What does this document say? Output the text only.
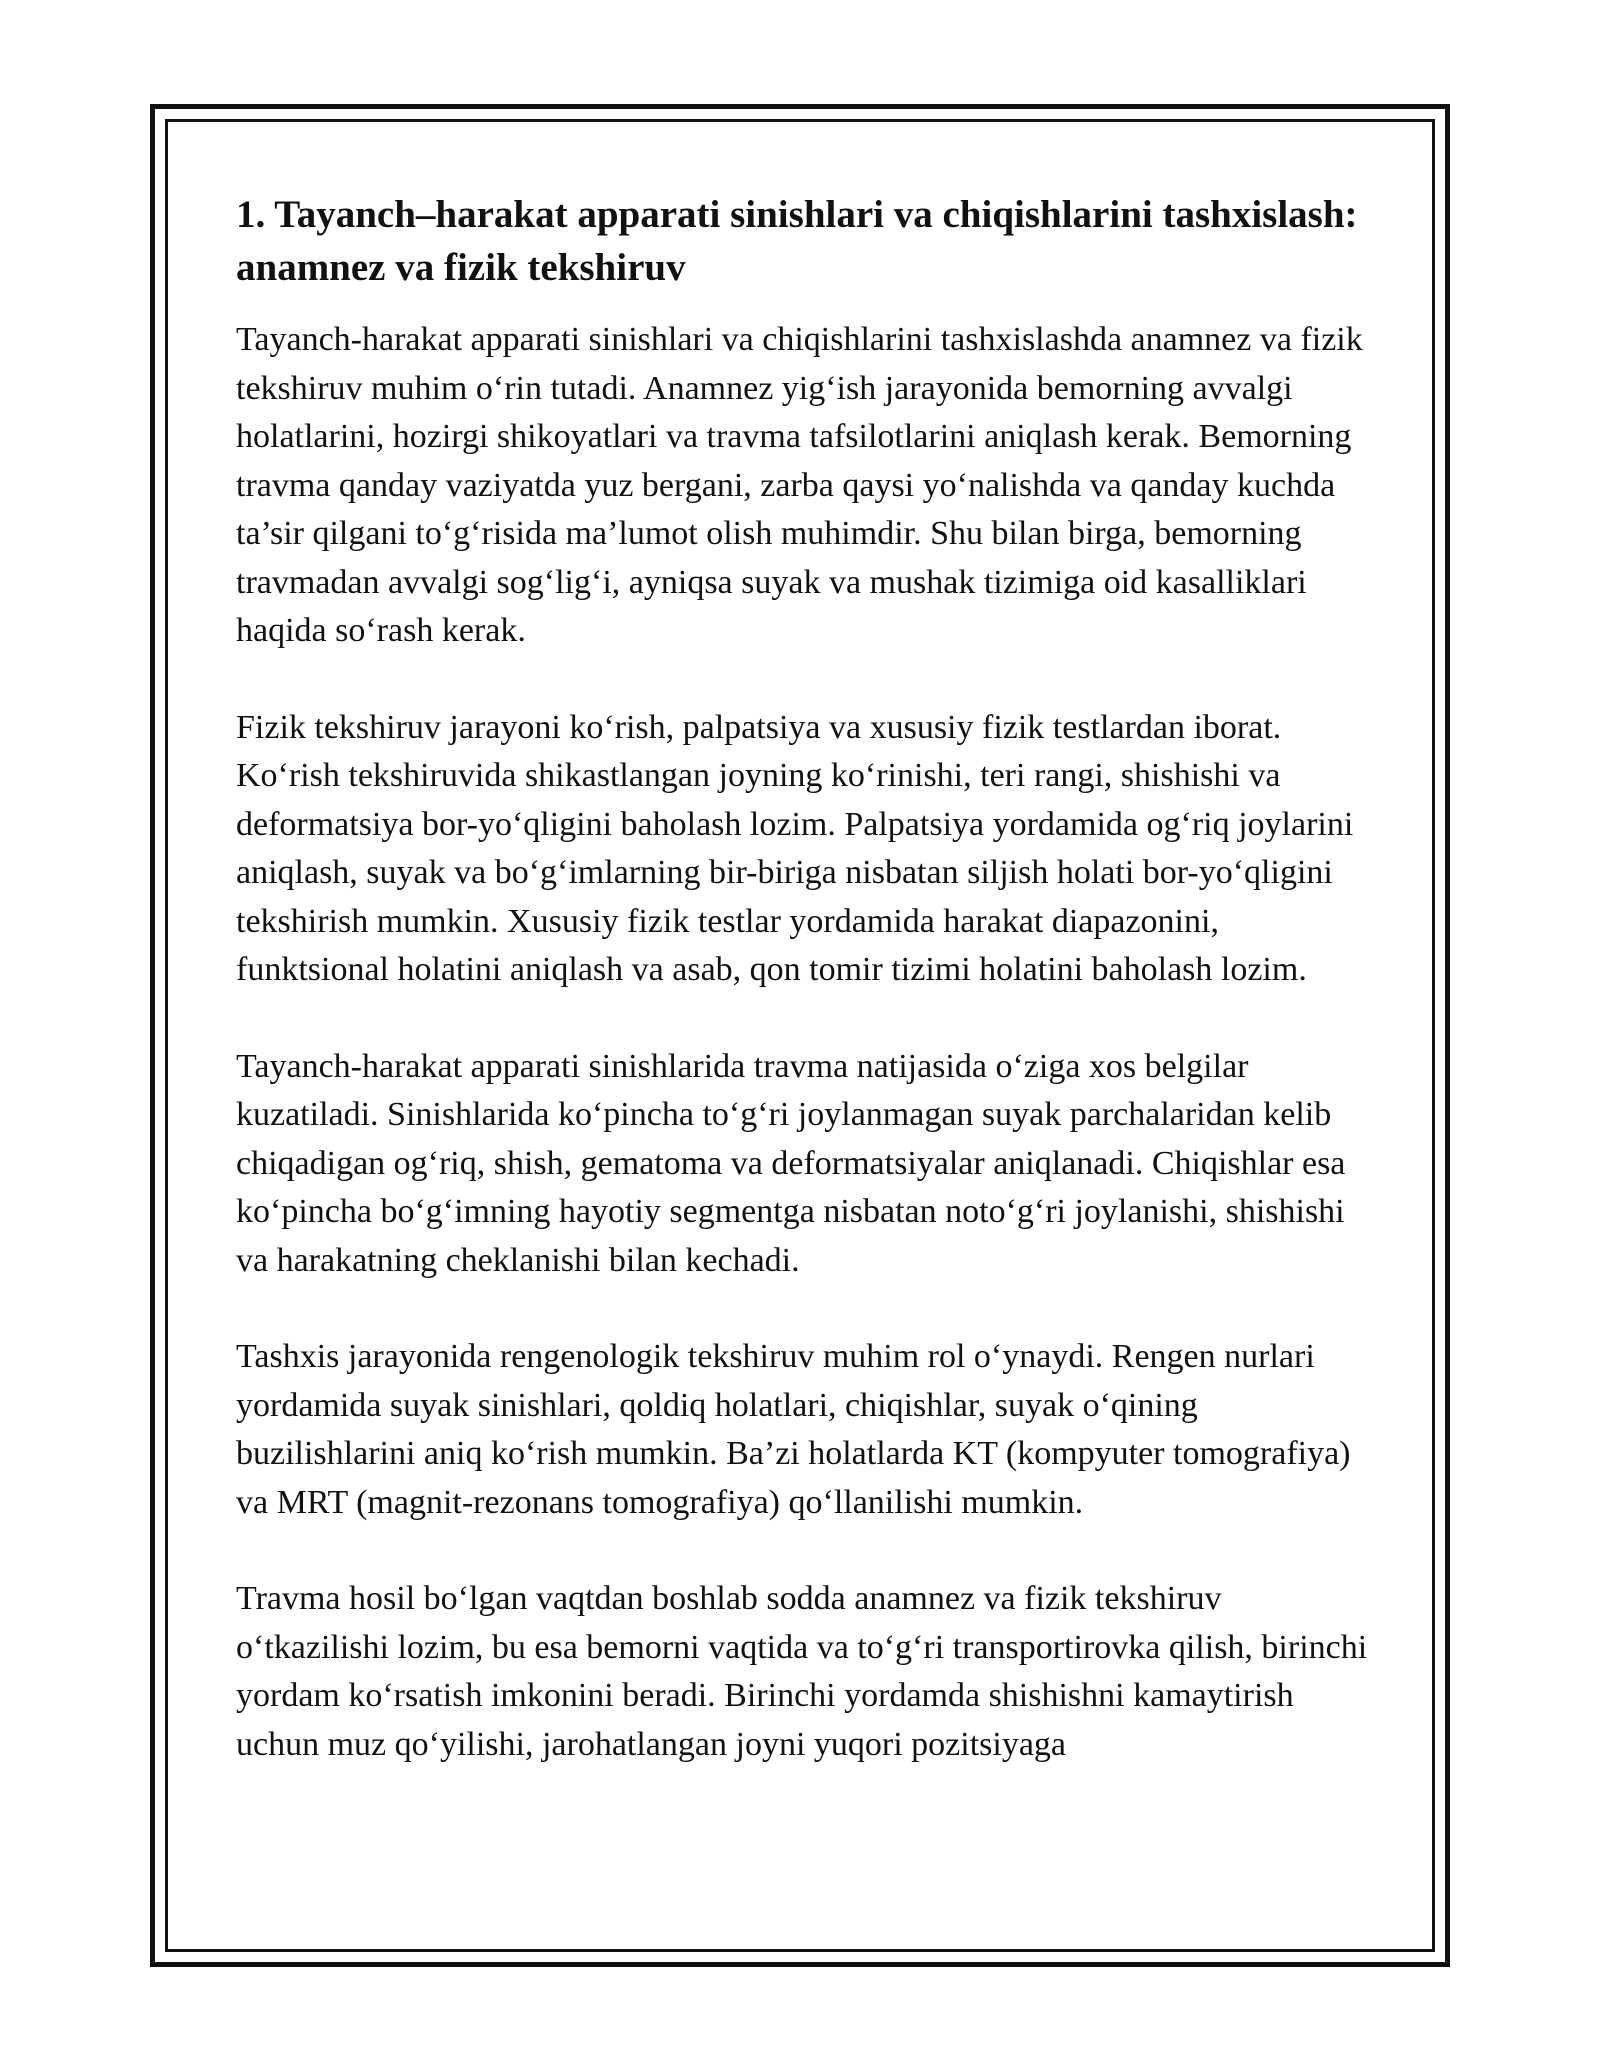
1. Tayanch–harakat apparati sinishlari va chiqishlarini tashxislash: anamnez va fizik tekshiruv

Tayanch-harakat apparati sinishlari va chiqishlarini tashxislashda anamnez va fizik tekshiruv muhim o‘rin tutadi. Anamnez yig‘ish jarayonida bemorning avvalgi holatlarini, hozirgi shikoyatlari va travma tafsilotlarini aniqlash kerak. Bemorning travma qanday vaziyatda yuz bergani, zarba qaysi yo‘nalishda va qanday kuchda ta’sir qilgani to‘g‘risida ma’lumot olish muhimdir. Shu bilan birga, bemorning travmadan avvalgi sog‘lig‘i, ayniqsa suyak va mushak tizimiga oid kasalliklari haqida so‘rash kerak.

Fizik tekshiruv jarayoni ko‘rish, palpatsiya va xususiy fizik testlardan iborat. Ko‘rish tekshiruvida shikastlangan joyning ko‘rinishi, teri rangi, shishishi va deformatsiya bor-yo‘qligini baholash lozim. Palpatsiya yordamida og‘riq joylarini aniqlash, suyak va bo‘g‘imlarning bir-biriga nisbatan siljish holati bor-yo‘qligini tekshirish mumkin. Xususiy fizik testlar yordamida harakat diapazonini, funktsional holatini aniqlash va asab, qon tomir tizimi holatini baholash lozim.

Tayanch-harakat apparati sinishlarida travma natijasida o‘ziga xos belgilar kuzatiladi. Sinishlarida ko‘pincha to‘g‘ri joylanmagan suyak parchalaridan kelib chiqadigan og‘riq, shish, gematoma va deformatsiyalar aniqlanadi. Chiqishlar esa ko‘pincha bo‘g‘imning hayotiy segmentga nisbatan noto‘g‘ri joylanishi, shishishi va harakatning cheklanishi bilan kechadi.

Tashxis jarayonida rengenologik tekshiruv muhim rol o‘ynaydi. Rengen nurlari yordamida suyak sinishlari, qoldiq holatlari, chiqishlar, suyak o‘qining buzilishlarini aniq ko‘rish mumkin. Ba’zi holatlarda KT (kompyuter tomografiya) va MRT (magnit-rezonans tomografiya) qo‘llanilishi mumkin.

Travma hosil bo‘lgan vaqtdan boshlab sodda anamnez va fizik tekshiruv o‘tkazilishi lozim, bu esa bemorni vaqtida va to‘g‘ri transportirovka qilish, birinchi yordam ko‘rsatish imkonini beradi. Birinchi yordamda shishishni kamaytirish uchun muz qo‘yilishi, jarohatlangan joyni yuqori pozitsiyaga
